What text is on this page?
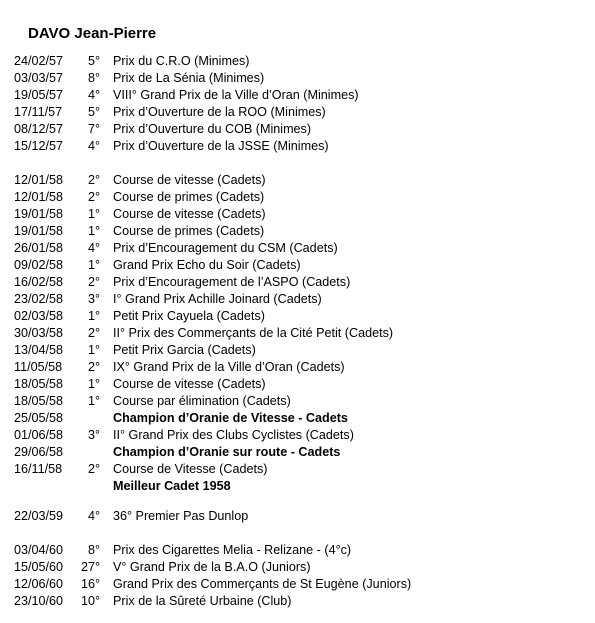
DAVO Jean-Pierre
24/02/57	5° Prix du C.R.O (Minimes)
03/03/57	8° Prix de La Sénia (Minimes)
19/05/57	4° VIII° Grand Prix de la Ville d’Oran (Minimes)
17/11/57	5° Prix d’Ouverture de la ROO (Minimes)
08/12/57	7° Prix d’Ouverture du COB (Minimes)
15/12/57	4° Prix d’Ouverture de la JSSE (Minimes)
12/01/58	2° Course de vitesse (Cadets)
12/01/58	2° Course de primes (Cadets)
19/01/58	1° Course de vitesse (Cadets)
19/01/58	1° Course de primes (Cadets)
26/01/58	4° Prix d’Encouragement du CSM (Cadets)
09/02/58	1° Grand Prix Echo du Soir (Cadets)
16/02/58	2° Prix d’Encouragement de l’ASPO (Cadets)
23/02/58	3° I° Grand Prix Achille Joinard (Cadets)
02/03/58	1° Petit Prix Cayuela (Cadets)
30/03/58	2° II° Prix des Commerçants de la Cité Petit (Cadets)
13/04/58	1° Petit Prix Garcia (Cadets)
11/05/58	2° IX° Grand Prix de la Ville d’Oran (Cadets)
18/05/58	1° Course de vitesse (Cadets)
18/05/58	1° Course par élimination (Cadets)
25/05/58	Champion d’Oranie de Vitesse - Cadets
01/06/58	3° II° Grand Prix des Clubs Cyclistes (Cadets)
29/06/58	Champion d’Oranie sur route - Cadets
16/11/58	2° Course de Vitesse (Cadets)
Meilleur Cadet 1958
22/03/59	4° 36° Premier Pas Dunlop
03/04/60	8° Prix des Cigarettes Melia - Relizane - (4°c)
15/05/60	27° V° Grand Prix de la B.A.O (Juniors)
12/06/60	16° Grand Prix des Commerçants de St Eugène (Juniors)
23/10/60	10° Prix de la Sûreté Urbaine (Club)
